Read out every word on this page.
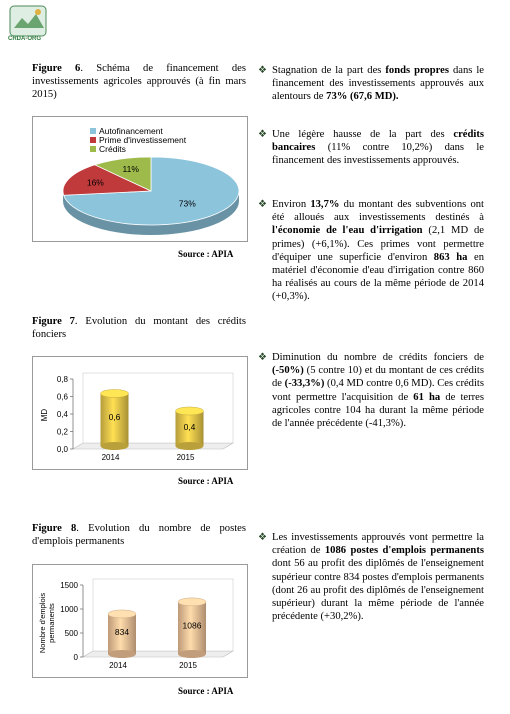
CRDA-ORG
Figure 6. Schéma de financement des investissements agricoles approuvés (à fin mars 2015)
Autofinancement
Prime d'investissement
Crédits
73%
16%
11%
Source : APIA
Figure 7. Evolution du montant des crédits fonciers
0,0
0,2
0,4
0,6
0,8
MD	0,6
2014
0,4
2015
Source : APIA
Figure 8. Evolution du nombre de postes d'emplois permanents
0
500
1000
1500
Nombre d'emplois permanents	834
2014
1086
2015
Source : APIA
❖ Stagnation de la part des fonds propres dans le financement des investissements approuvés aux alentours de 73% (67,6 MD).
❖ Une légère hausse de la part des crédits bancaires (11% contre 10,2%) dans le financement des investissements approuvés.
❖ Environ 13,7% du montant des subventions ont été alloués aux investissements destinés à l'économie de l'eau d'irrigation (2,1 MD de primes) (+6,1%). Ces primes vont permettre d'équiper une superficie d'environ 863 ha en matériel d'économie d'eau d'irrigation contre 860 ha réalisés au cours de la même période de 2014 (+0,3%).
❖ Diminution du nombre de crédits fonciers de (-50%) (5 contre 10) et du montant de ces crédits de (-33,3%) (0,4 MD contre 0,6 MD). Ces crédits vont permettre l'acquisition de 61 ha de terres agricoles contre 104 ha durant la même période de l'année précédente (-41,3%).
❖ Les investissements approuvés vont permettre la création de 1086 postes d'emplois permanents dont 56 au profit des diplômés de l'enseignement supérieur contre 834 postes d'emplois permanents (dont 26 au profit des diplômés de l'enseignement supérieur) durant la même période de l'année précédente (+30,2%).
